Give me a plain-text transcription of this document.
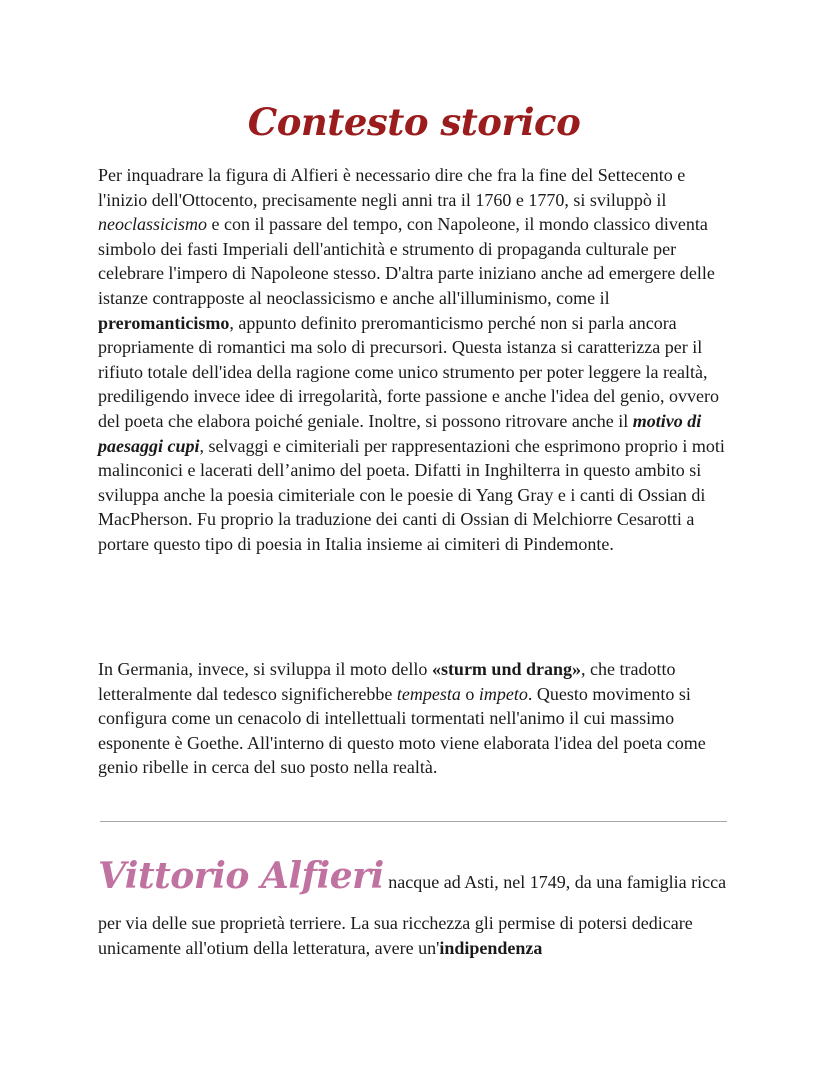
Contesto storico

Per inquadrare la figura di Alfieri è necessario dire che fra la fine del Settecento e l'inizio dell'Ottocento, precisamente negli anni tra il 1760 e 1770, si sviluppò il neoclassicismo e con il passare del tempo, con Napoleone, il mondo classico diventa simbolo dei fasti Imperiali dell'antichità e strumento di propaganda culturale per celebrare l'impero di Napoleone stesso. D'altra parte iniziano anche ad emergere delle istanze contrapposte al neoclassicismo e anche all'illuminismo, come il preromanticismo, appunto definito preromanticismo perché non si parla ancora propriamente di romantici ma solo di precursori. Questa istanza si caratterizza per il rifiuto totale dell'idea della ragione come unico strumento per poter leggere la realtà, prediligendo invece idee di irregolarità, forte passione e anche l'idea del genio, ovvero del poeta che elabora poiché geniale. Inoltre, si possono ritrovare anche il motivo di paesaggi cupi, selvaggi e cimiteriali per rappresentazioni che esprimono proprio i moti malinconici e lacerati dell’animo del poeta. Difatti in Inghilterra in questo ambito si sviluppa anche la poesia cimiteriale con le poesie di Yang Gray e i canti di Ossian di MacPherson. Fu proprio la traduzione dei canti di Ossian di Melchiorre Cesarotti a portare questo tipo di poesia in Italia insieme ai cimiteri di Pindemonte.

In Germania, invece, si sviluppa il moto dello «sturm und drang», che tradotto letteralmente dal tedesco significherebbe tempesta o impeto. Questo movimento si configura come un cenacolo di intellettuali tormentati nell'animo il cui massimo esponente è Goethe. All'interno di questo moto viene elaborata l'idea del poeta come genio ribelle in cerca del suo posto nella realtà.

Vittorio Alfieri nacque ad Asti, nel 1749, da una famiglia ricca
per via delle sue proprietà terriere. La sua ricchezza gli permise di potersi dedicare unicamente all'otium della letteratura, avere un'indipendenza
